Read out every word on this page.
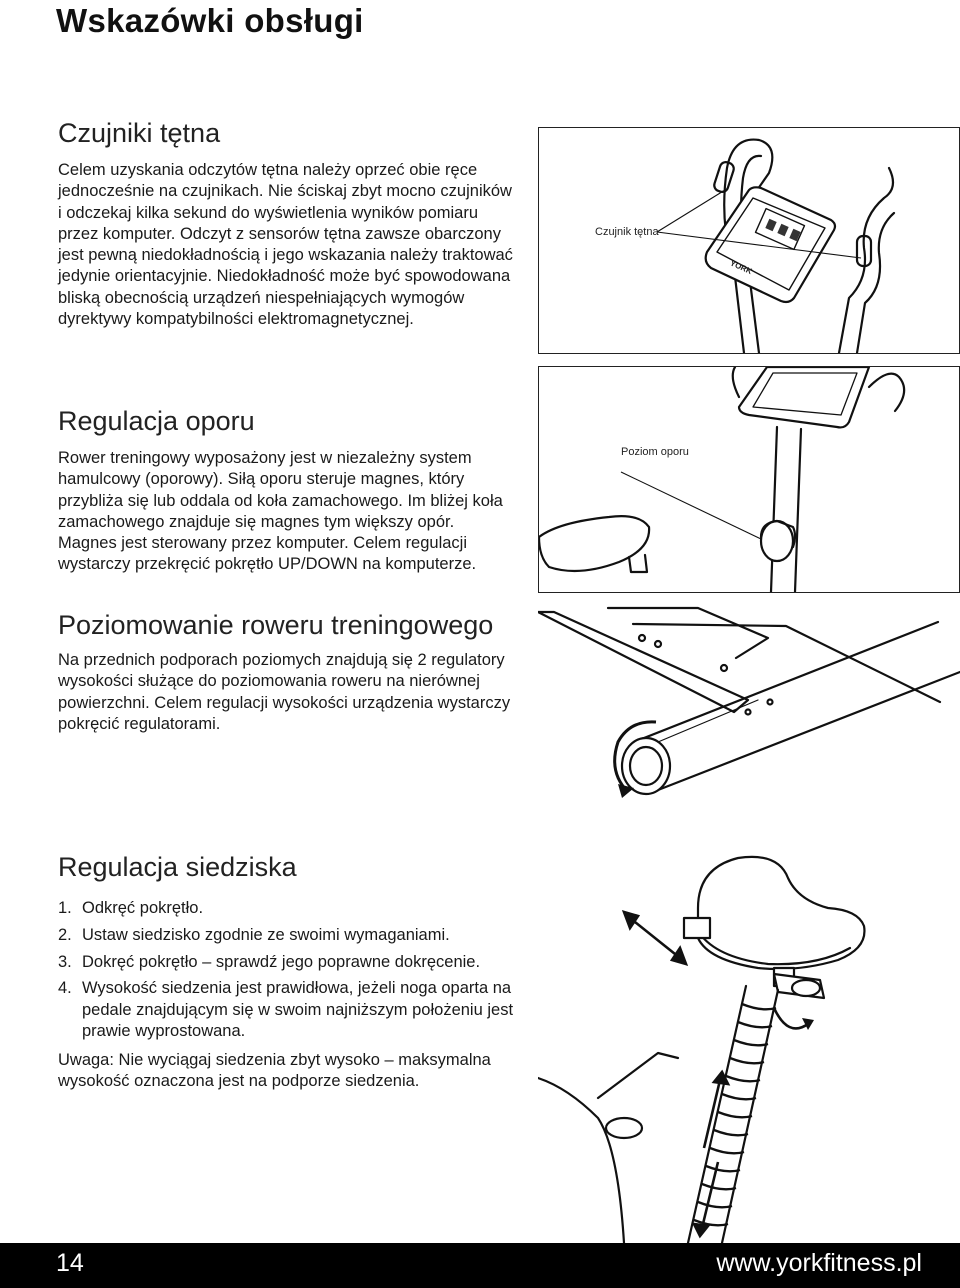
Wskazówki obsługi
Czujniki tętna

Celem uzyskania odczytów tętna należy oprzeć obie ręce jednocześnie na czujnikach. Nie ściskaj zbyt mocno czujników i odczekaj kilka sekund do wyświetlenia wyników pomiaru przez komputer. Odczyt z sensorów tętna zawsze obarczony jest pewną niedokładnością i jego wskazania należy traktować jedynie orientacyjnie. Niedokładność może być spowodowana bliską obecnością urządzeń niespełniających wymogów dyrektywy kompatybilności elektromagnetycznej.

Regulacja oporu

Rower treningowy wyposażony jest w niezależny system hamulcowy (oporowy). Siłą oporu steruje magnes, który przybliża się lub oddala od koła zamachowego. Im bliżej koła zamachowego znajduje się magnes tym większy opór. Magnes jest sterowany przez komputer. Celem regulacji wystarczy przekręcić pokrętło UP/DOWN na komputerze.

Poziomowanie roweru treningowego

Na przednich podporach poziomych znajdują się 2 regulatory wysokości służące do poziomowania roweru na nierównej powierzchni. Celem regulacji wysokości urządzenia wystarczy pokręcić regulatorami.

Regulacja siedziska
1. Odkręć pokrętło.
2. Ustaw siedzisko zgodnie ze swoimi wymaganiami.
3. Dokręć pokrętło – sprawdź jego poprawne dokręcenie.
4. Wysokość siedzenia jest prawidłowa, jeżeli noga oparta na pedale znajdującym się w swoim najniższym położeniu jest prawie wyprostowana.

Uwaga: Nie wyciągaj siedzenia zbyt wysoko – maksymalna wysokość oznaczona jest na podporze siedzenia.

YORK
Czujnik tętna
Poziom oporu
14	www.yorkfitness.pl
